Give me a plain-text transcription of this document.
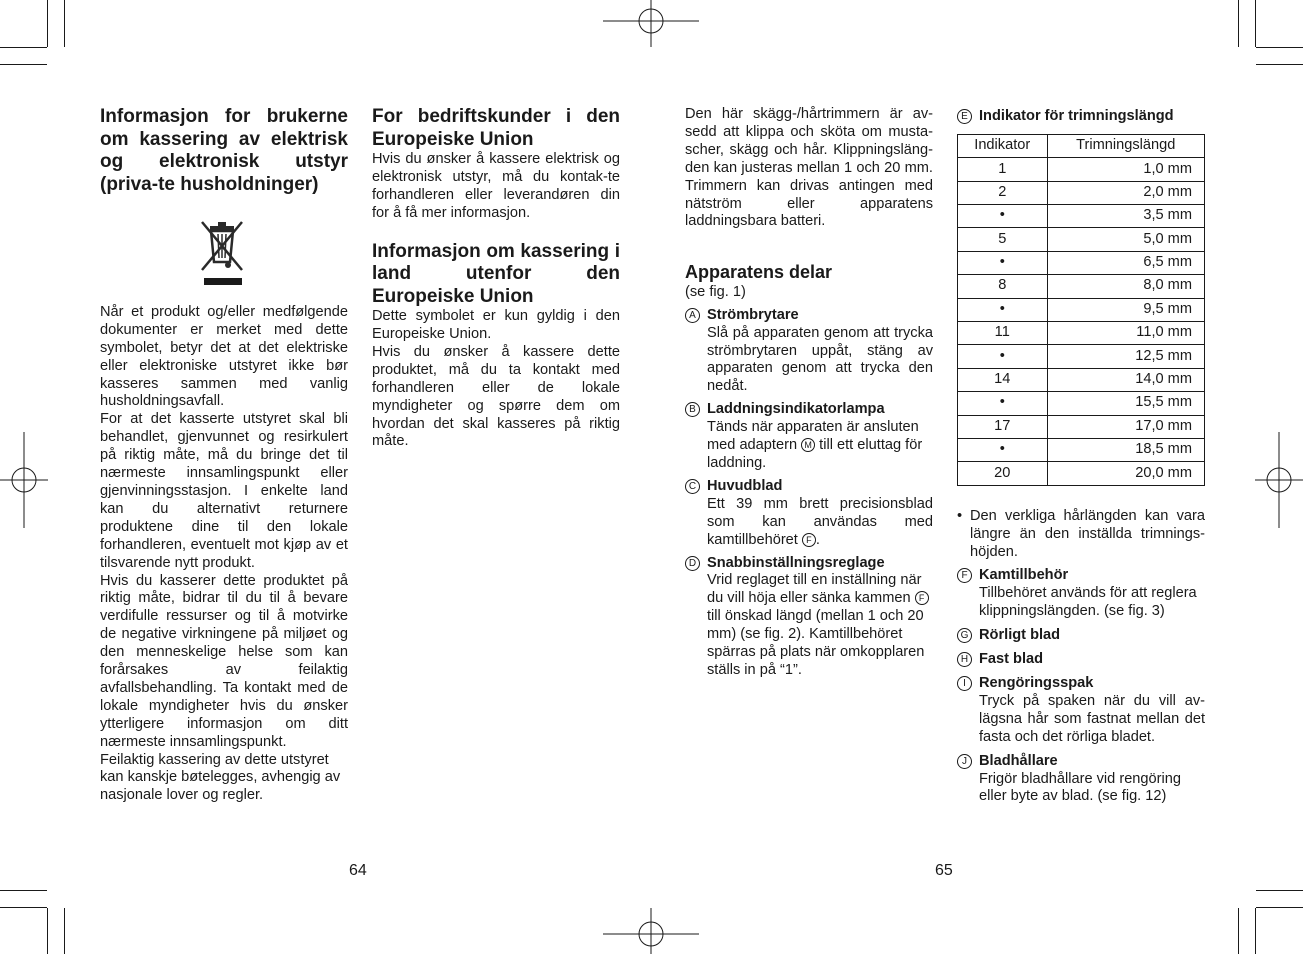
Informasjon for brukerne om kassering av elektrisk og elektronisk utstyr (priva-te husholdninger)

Når et produkt og/eller medfølgende dokumenter er merket med dette symbolet, betyr det at det elektriske eller elektroniske utstyret ikke bør kasseres sammen med vanlig husholdningsavfall.

For at det kasserte utstyret skal bli behandlet, gjenvunnet og resirkulert på riktig måte, må du bringe det til nærmeste innsamlingspunkt eller gjenvinningsstasjon. I enkelte land kan du alternativt returnere produktene dine til den lokale forhandleren, eventuelt mot kjøp av et tilsvarende nytt produkt.

Hvis du kasserer dette produktet på riktig måte, bidrar til du til å bevare verdifulle ressurser og til å motvirke de negative virkningene på miljøet og den menneskelige helse som kan forårsakes av feilaktig avfallsbehandling. Ta kontakt med de lokale myndigheter hvis du ønsker ytterligere informasjon om ditt nærmeste innsamlingspunkt.

Feilaktig kassering av dette utstyret kan kanskje bøtelegges, avhengig av nasjonale lover og regler.

For bedriftskunder i den Europeiske Union

Hvis du ønsker å kassere elektrisk og elektronisk utstyr, må du kontak-te forhandleren eller leverandøren din for å få mer informasjon.

Informasjon om kassering i land utenfor den Europeiske Union

Dette symbolet er kun gyldig i den Europeiske Union.

Hvis du ønsker å kassere dette produktet, må du ta kontakt med forhandleren eller de lokale myndigheter og spørre dem om hvordan det skal kasseres på riktig måte.

64

Den här skägg-/hårtrimmern är av-sedd att klippa och sköta om musta-scher, skägg och hår. Klippningsläng-den kan justeras mellan 1 och 20 mm. Trimmern kan drivas antingen med nätström eller apparatens laddningsbara batteri.

Apparatens delar

(se fig. 1)

A Strömbrytare

Slå på apparaten genom att trycka strömbrytaren uppåt, stäng av apparaten genom att trycka den nedåt.

B Laddningsindikatorlampa

Tänds när apparaten är ansluten med adaptern M till ett eluttag för laddning.

C Huvudblad

Ett 39 mm brett precisionsblad som kan användas med kamtillbehöret F .

D Snabbinställningsreglage

Vrid reglaget till en inställning när du vill höja eller sänka kammen F till önskad längd (mellan 1 och 20 mm) (se fig. 2). Kamtillbehöret spärras på plats när omkopplaren ställs in på “1”.

E Indikator för trimningslängd
Indikator	Trimningslängd
1	1,0 mm
2	2,0 mm
•	3,5 mm
5	5,0 mm
•	6,5 mm
8	8,0 mm
•	9,5 mm
11	11,0 mm
•	12,5 mm
14	14,0 mm
•	15,5 mm
17	17,0 mm
•	18,5 mm
20	20,0 mm
• Den verkliga hårlängden kan vara längre än den inställda trimnings-höjden.

F Kamtillbehör

Tillbehöret används för att reglera klippningslängden. (se fig. 3)

G Rörligt blad
H Fast blad
I Rengöringsspak

Tryck på spaken när du vill av-lägsna hår som fastnat mellan det fasta och det rörliga bladet.

J Bladhållare

Frigör bladhållare vid rengöring eller byte av blad. (se fig. 12)

65
